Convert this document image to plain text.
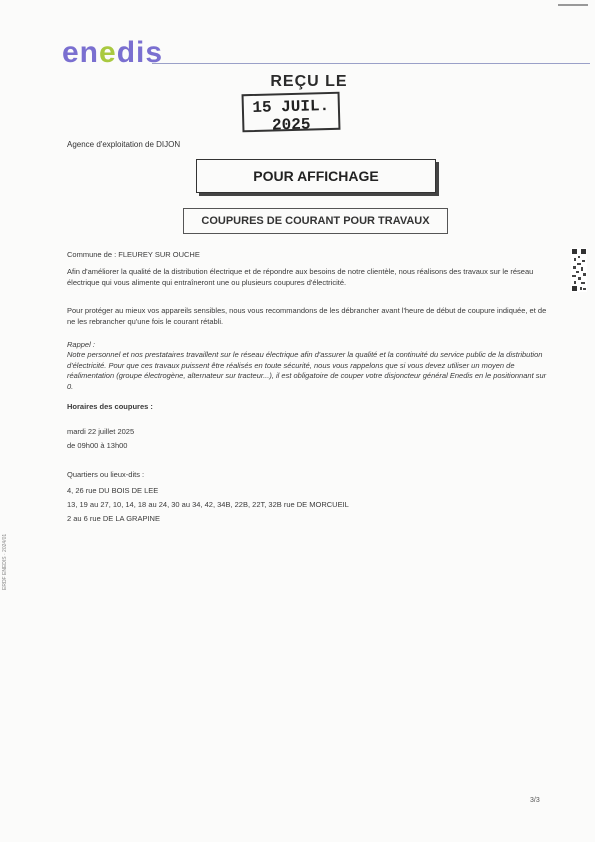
enedis
REÇU LE
15 JUIL. 2025
Agence d'exploitation de DIJON
POUR AFFICHAGE
COUPURES DE COURANT POUR TRAVAUX
Commune de : FLEUREY SUR OUCHE
Afin d'améliorer la qualité de la distribution électrique et de répondre aux besoins de notre clientèle, nous réalisons des travaux sur le réseau électrique qui vous alimente qui entraîneront une ou plusieurs coupures d'électricité.
Pour protéger au mieux vos appareils sensibles, nous vous recommandons de les débrancher avant l'heure de début de coupure indiquée, et de ne les rebrancher qu'une fois le courant rétabli.
Rappel :
Notre personnel et nos prestataires travaillent sur le réseau électrique afin d'assurer la qualité et la continuité du service public de la distribution d'électricité. Pour que ces travaux puissent être réalisés en toute sécurité, nous vous rappelons que si vous devez utiliser un moyen de réalimentation (groupe électrogène, alternateur sur tracteur...), il est obligatoire de couper votre disjoncteur général Enedis en le positionnant sur 0.
Horaires des coupures :
mardi 22 juillet 2025
de 09h00 à 13h00
Quartiers ou lieux-dits :
4, 26 rue DU BOIS DE LEE
13, 19 au 27, 10, 14, 18 au 24, 30 au 34, 42, 34B, 22B, 22T, 32B rue DE MORCUEIL
2 au 6 rue DE LA GRAPINE
ERDF ENEDIS · 2024/01
3/3
